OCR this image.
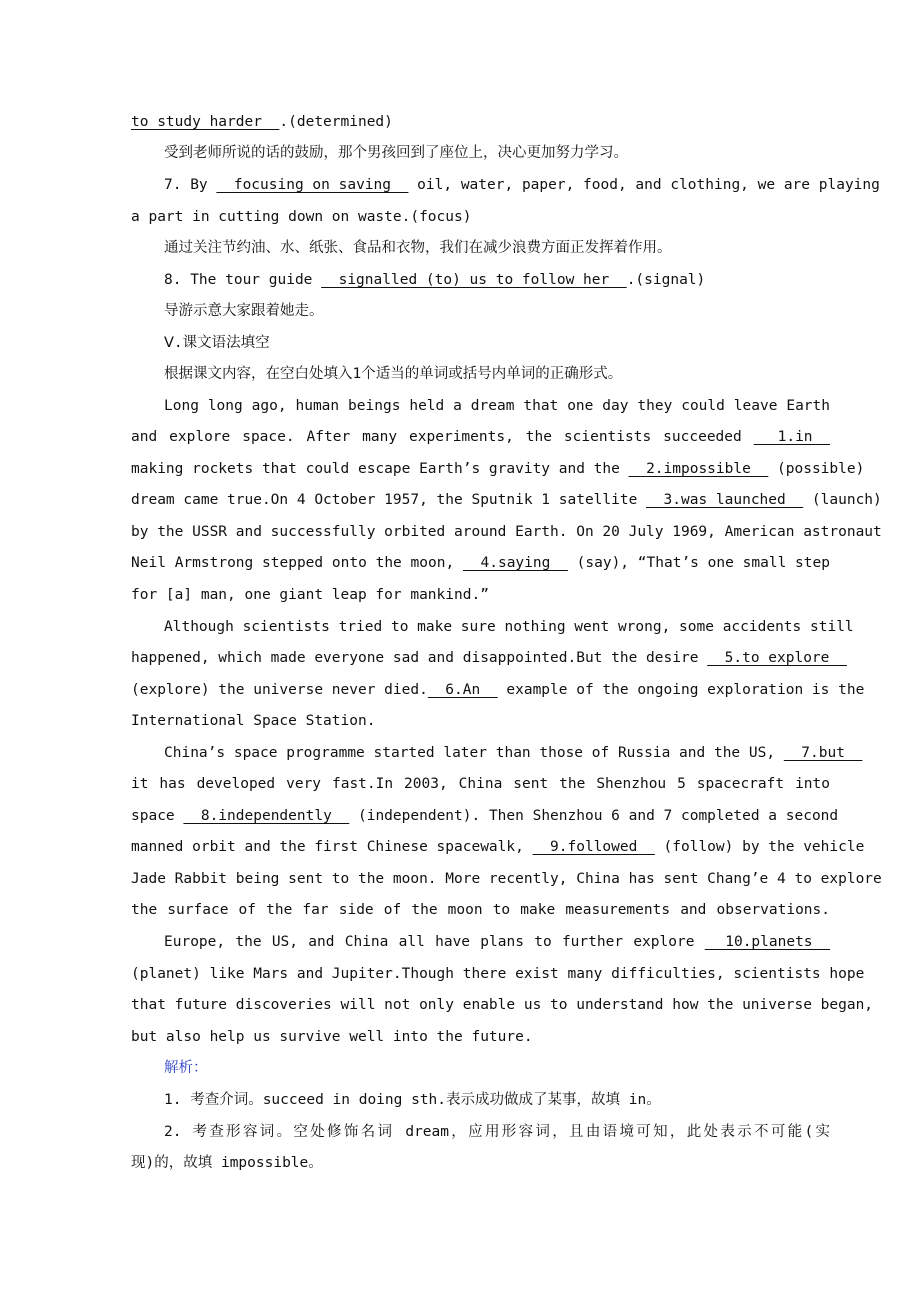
to study harder  .(determined)
受到老师所说的话的鼓励，那个男孩回到了座位上，决心更加努力学习。
7. By   focusing on saving   oil, water, paper, food, and clothing, we are playing
a part in cutting down on waste.(focus)
通过关注节约油、水、纸张、食品和衣物，我们在减少浪费方面正发挥着作用。
8. The tour guide   signalled (to) us to follow her  .(signal)
导游示意大家跟着她走。
Ⅴ.课文语法填空
根据课文内容，在空白处填入1个适当的单词或括号内单词的正确形式。
Long long ago, human beings held a dream that one day they could leave Earth
and explore space. After many experiments, the scientists succeeded   1.in
making rockets that could escape Earth’s gravity and the   2.impossible   (possible)
dream came true.On 4 October 1957, the Sputnik 1 satellite   3.was launched   (launch)
by the USSR and successfully orbited around Earth. On 20 July 1969, American astronaut
Neil Armstrong stepped onto the moon,   4.saying   (say), “That’s one small step
for [a] man, one giant leap for mankind.”
Although scientists tried to make sure nothing went wrong, some accidents still
happened, which made everyone sad and disappointed.But the desire   5.to explore
(explore) the universe never died.  6.An   example of the ongoing exploration is the
International Space Station.
China’s space programme started later than those of Russia and the US,   7.but
it has developed very fast.In 2003, China sent the Shenzhou 5 spacecraft into
space   8.independently   (independent). Then Shenzhou 6 and 7 completed a second
manned orbit and the first Chinese spacewalk,   9.followed   (follow) by the vehicle
Jade Rabbit being sent to the moon. More recently, China has sent Chang’e 4 to explore
the surface of the far side of the moon to make measurements and observations.
Europe, the US, and China all have plans to further explore   10.planets
(planet) like Mars and Jupiter.Though there exist many difficulties, scientists hope
that future discoveries will not only enable us to understand how the universe began,
but also help us survive well into the future.
解析：
1. 考查介词。succeed in doing sth.表示成功做成了某事，故填 in。
2. 考查形容词。空处修饰名词 dream，应用形容词，且由语境可知，此处表示不可能(实
现)的，故填 impossible。
